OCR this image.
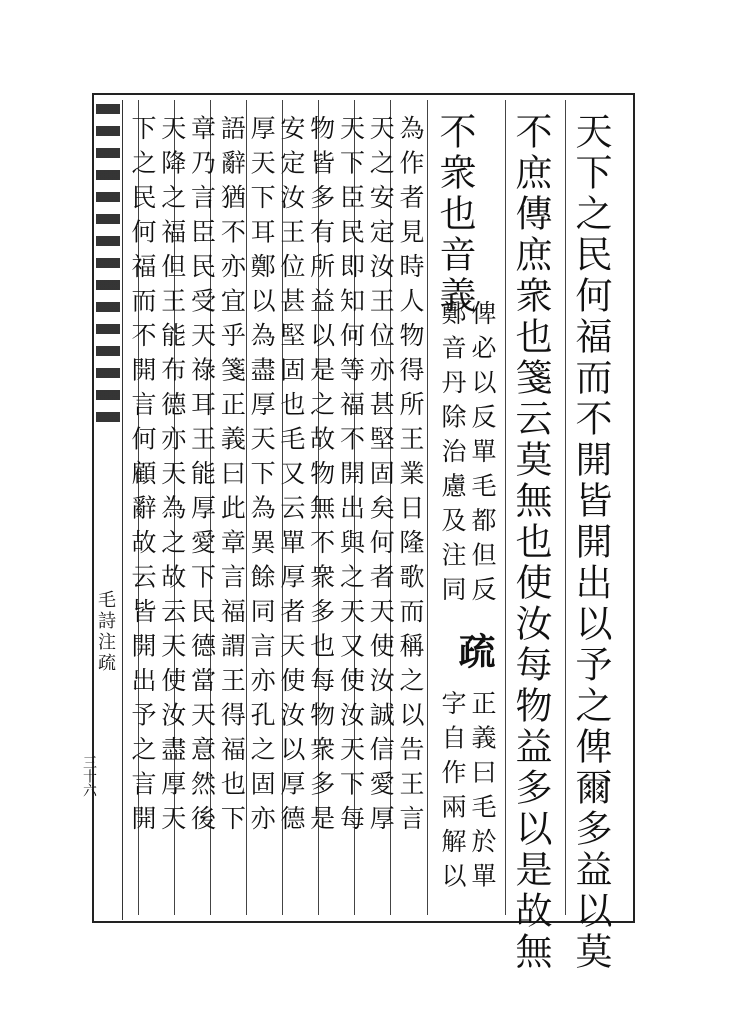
毛詩注疏
三十六	天下之民何福而不開皆開出以予之俾爾多益以莫
不庶傳庶衆也箋云莫無也使汝每物益多以是故無
不衆也音義
俾必以反單毛都但反
鄭音丹除治慮及注同
疏
正義曰毛於單
字自作兩解以
為作者見時人物得所王業日隆歌而稱之以告王言
天之安定汝王位亦甚堅固矣何者天使汝誠信愛厚
天下臣民即知何等福不開出與之天又使汝天下每
物皆多有所益以是之故物無不衆多也每物衆多是
安定汝王位甚堅固也毛又云單厚者天使汝以厚德
厚天下耳鄭以為盡厚天下為異餘同言亦孔之固亦
語辭猶不亦宜乎箋正義曰此章言福謂王得福也下
章乃言臣民受天祿耳王能厚愛下民德當天意然後
天降之福但王能布德亦天為之故云天使汝盡厚天
下之民何福而不開言何顧辭故云皆開出予之言開
